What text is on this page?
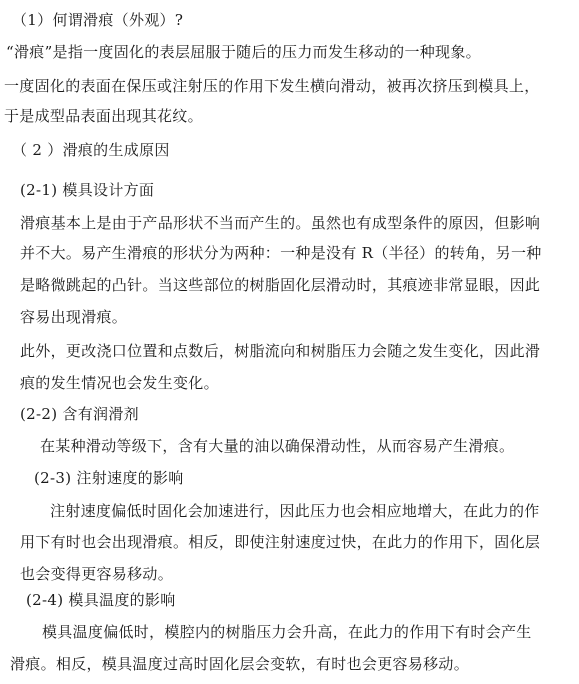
（1）何谓滑痕（外观）?
“滑痕”是指一度固化的表层屈服于随后的压力而发生移动的一种现象。
一度固化的表面在保压或注射压的作用下发生横向滑动，被再次挤压到模具上，
于是成型品表面出现其花纹。
（ 2 ）滑痕的生成原因
(2-1) 模具设计方面
滑痕基本上是由于产品形状不当而产生的。虽然也有成型条件的原因，但影响
并不大。易产生滑痕的形状分为两种：一种是没有 R（半径）的转角，另一种
是略微跳起的凸针。当这些部位的树脂固化层滑动时，其痕迹非常显眼，因此
容易出现滑痕。
此外，更改浇口位置和点数后，树脂流向和树脂压力会随之发生变化，因此滑
痕的发生情况也会发生变化。
(2-2) 含有润滑剂
在某种滑动等级下，含有大量的油以确保滑动性，从而容易产生滑痕。
(2-3) 注射速度的影响
注射速度偏低时固化会加速进行，因此压力也会相应地增大，在此力的作
用下有时也会出现滑痕。相反，即使注射速度过快，在此力的作用下，固化层
也会变得更容易移动。
(2-4) 模具温度的影响
模具温度偏低时，模腔内的树脂压力会升高，在此力的作用下有时会产生
滑痕。相反，模具温度过高时固化层会变软，有时也会更容易移动。
